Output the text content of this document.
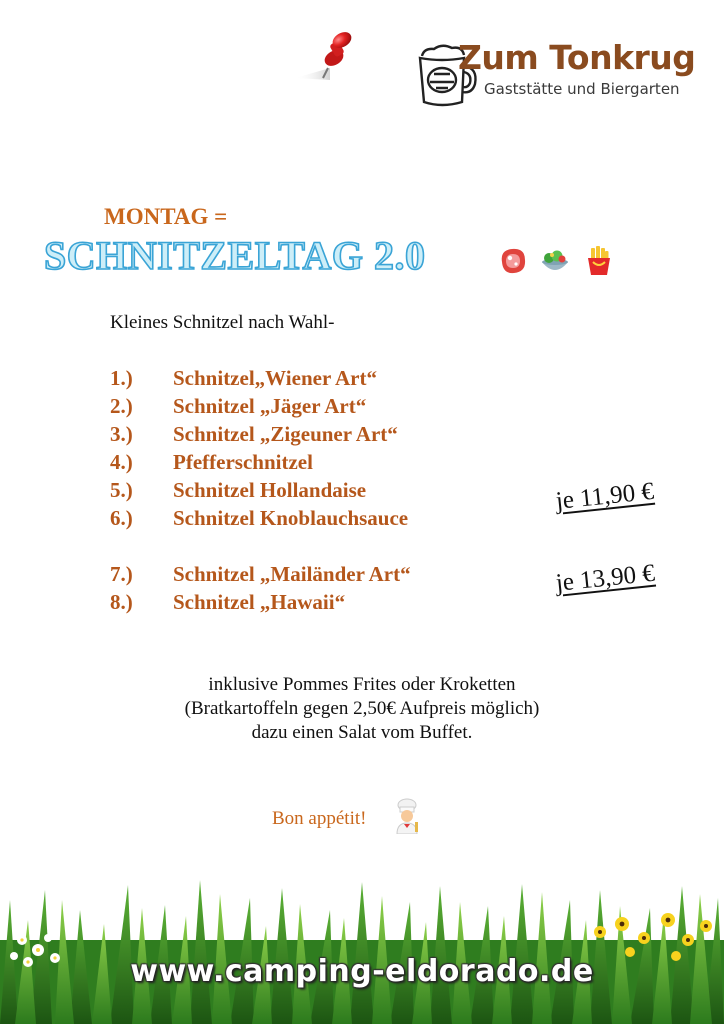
Zum Tonkrug
Gaststätte und Biergarten
MONTAG =
SCHNITZELTAG 2.0
Kleines Schnitzel nach Wahl-
1.) Schnitzel„Wiener Art“
2.) Schnitzel „Jäger Art“
3.) Schnitzel „Zigeuner Art“
4.) Pfefferschnitzel
5.) Schnitzel Hollandaise
6.) Schnitzel Knoblauchsauce
7.) Schnitzel „Mailänder Art“
8.) Schnitzel „Hawaii“
je 11,90 €
je 13,90 €
inklusive Pommes Frites oder Kroketten
(Bratkartoffeln gegen 2,50€ Aufpreis möglich)
dazu einen Salat vom Buffet.
Bon appétit!
www.camping-eldorado.de
